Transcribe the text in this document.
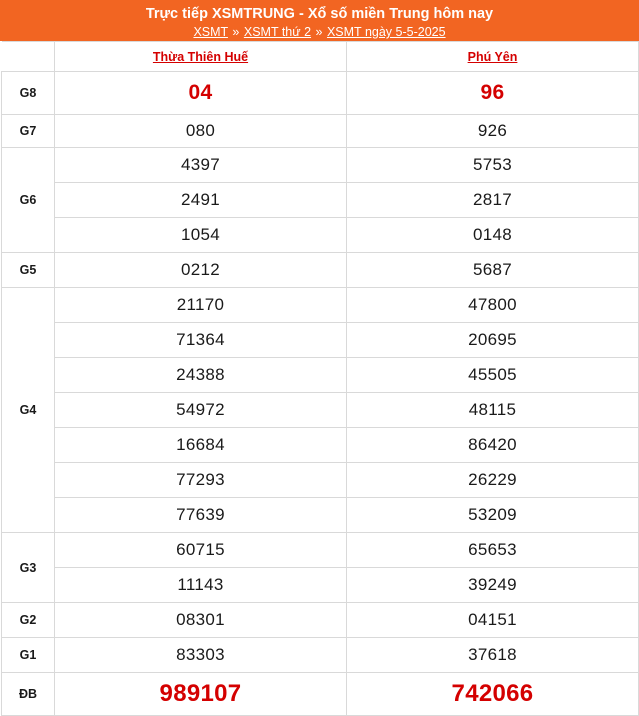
Trực tiếp XSMTRUNG - Xổ số miền Trung hôm nay
XSMT » XSMT thứ 2 » XSMT ngày 5-5-2025
	Thừa Thiên Huế	Phú Yên
G8	04	96
G7	080	926
G6	4397	5753
	2491	2817
	1054	0148
G5	0212	5687
G4	21170	47800
	71364	20695
	24388	45505
	54972	48115
	16684	86420
	77293	26229
	77639	53209
G3	60715	65653
	11143	39249
G2	08301	04151
G1	83303	37618
ĐB	989107	742066
